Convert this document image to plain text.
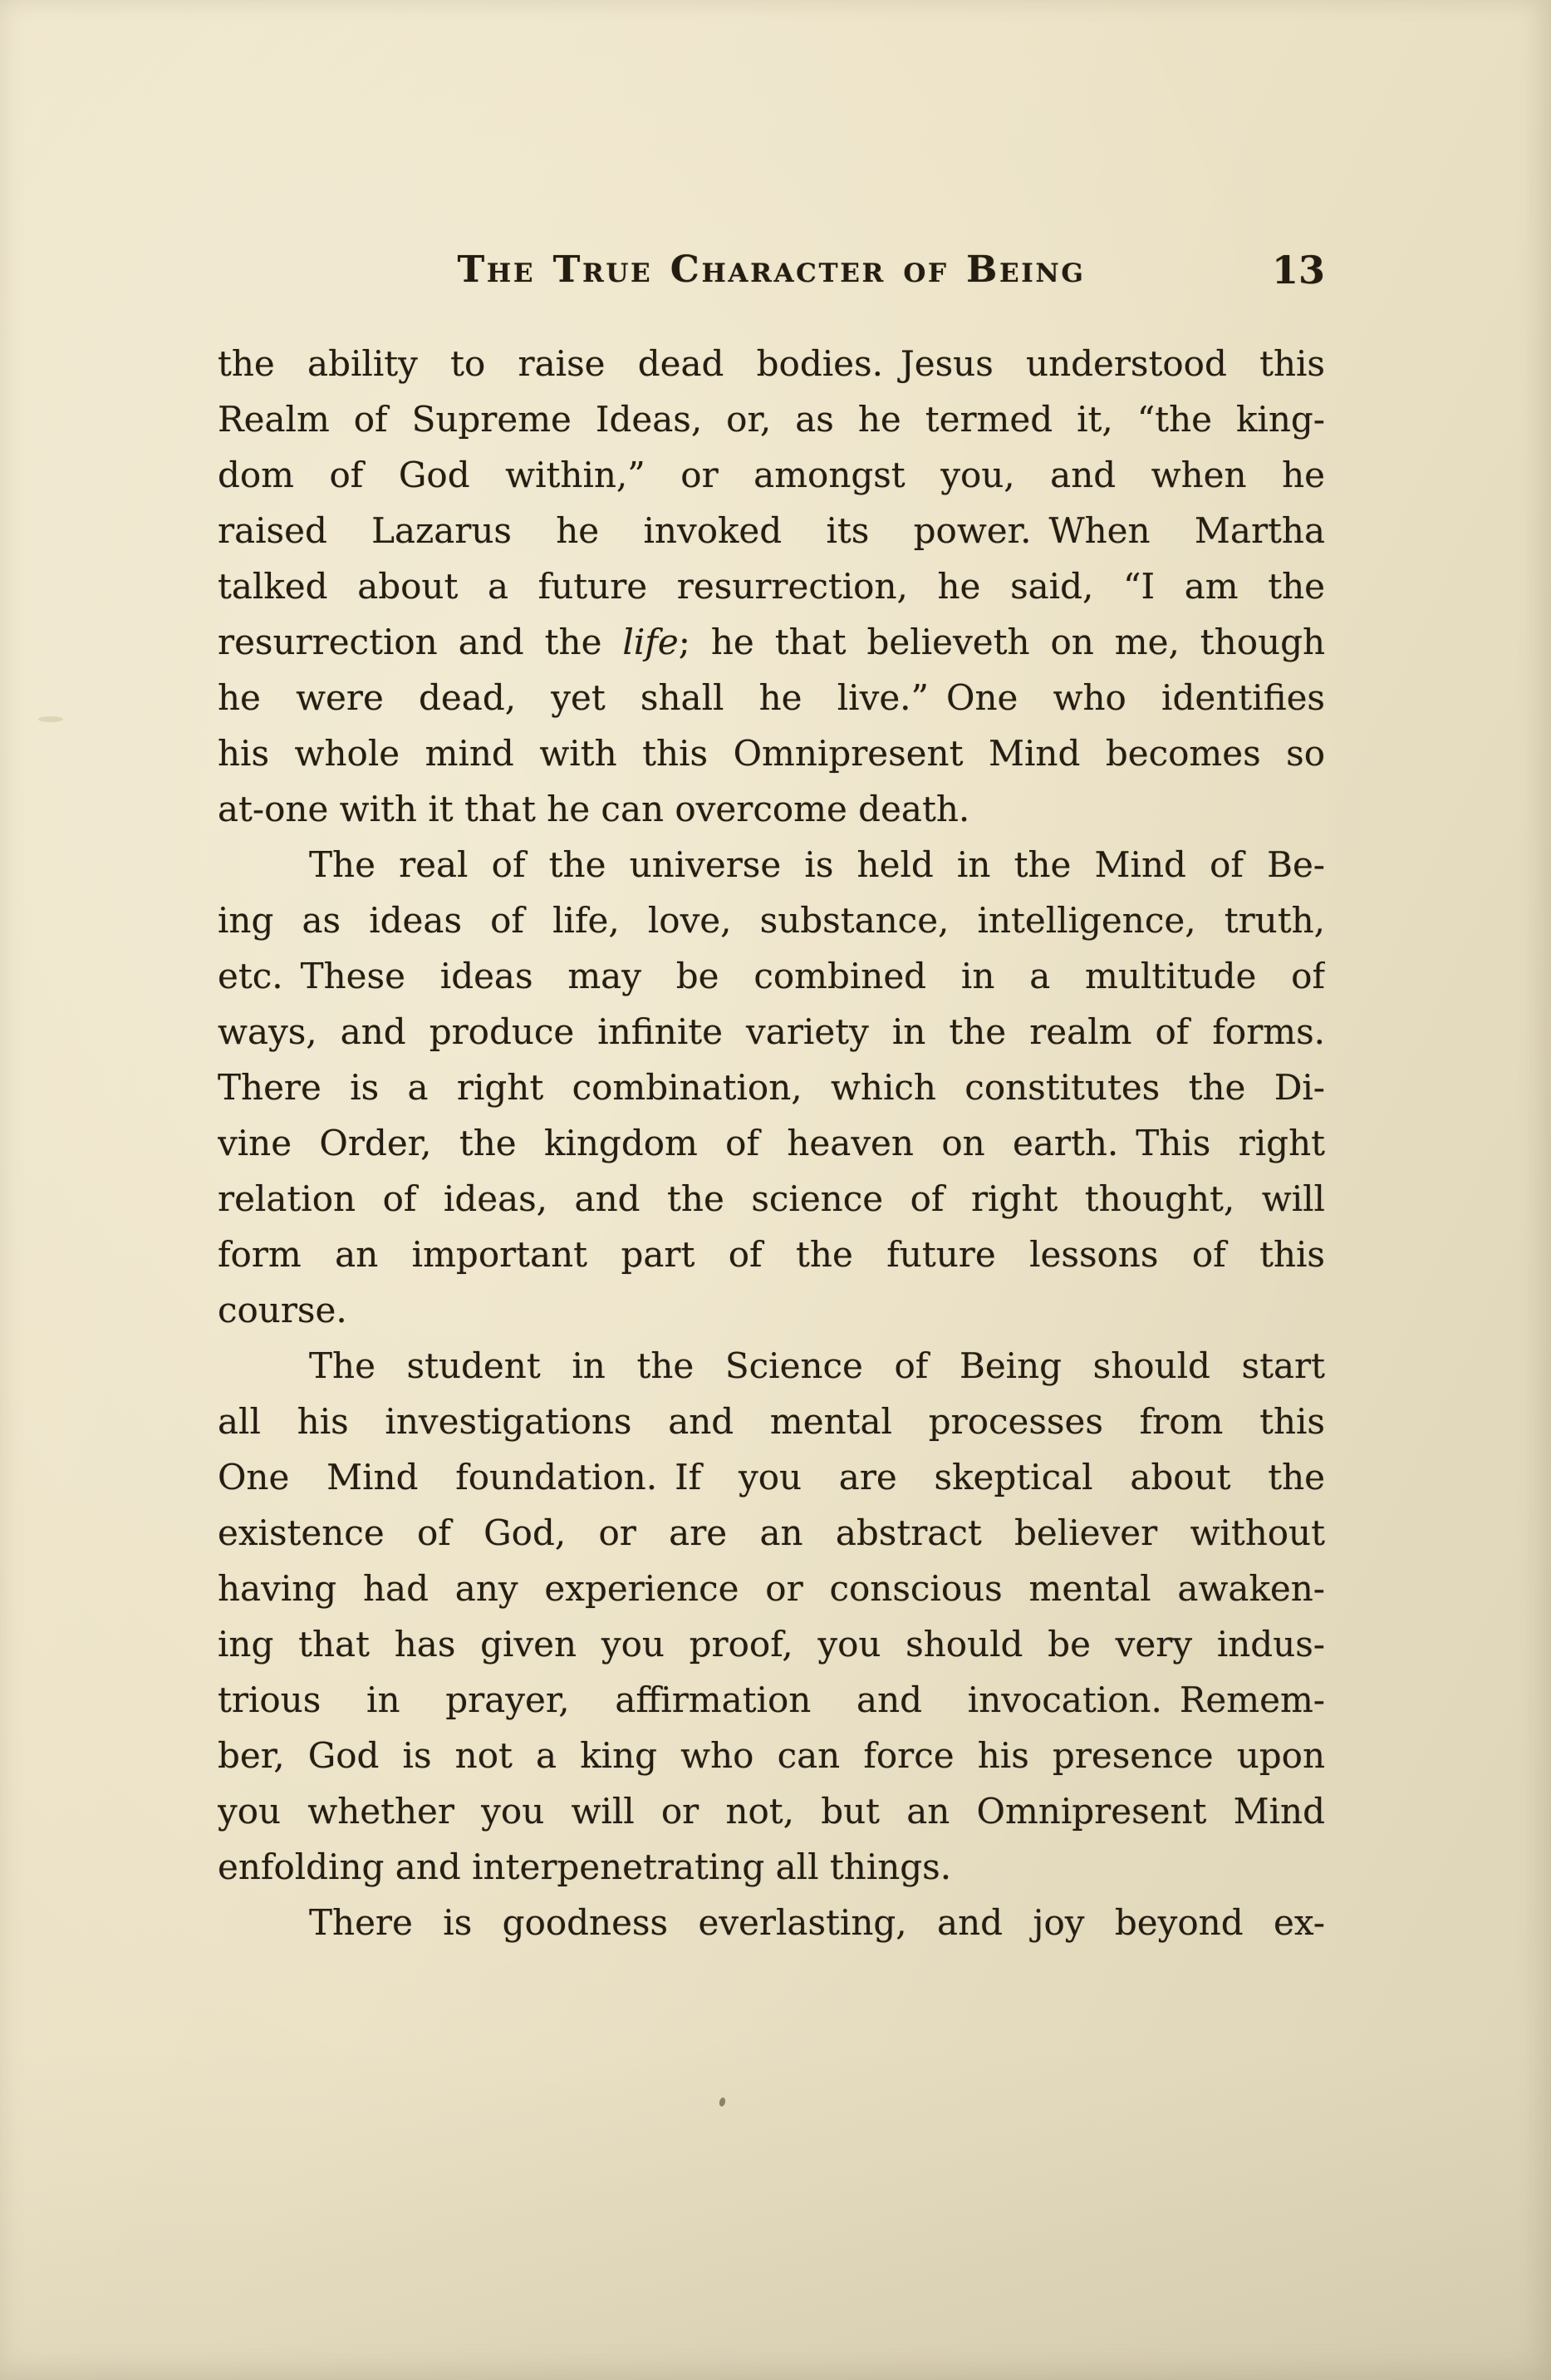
The True Character of Being	13
the ability to raise dead bodies. Jesus understood this
Realm of Supreme Ideas, or, as he termed it, “the king-
dom of God within,” or amongst you, and when he
raised Lazarus he invoked its power. When Martha
talked about a future resurrection, he said, “I am the
resurrection and the life; he that believeth on me, though
he were dead, yet shall he live.” One who identifies
his whole mind with this Omnipresent Mind becomes so
at-one with it that he can overcome death.
The real of the universe is held in the Mind of Be-
ing as ideas of life, love, substance, intelligence, truth,
etc. These ideas may be combined in a multitude of
ways, and produce infinite variety in the realm of forms.
There is a right combination, which constitutes the Di-
vine Order, the kingdom of heaven on earth. This right
relation of ideas, and the science of right thought, will
form an important part of the future lessons of this
course.
The student in the Science of Being should start
all his investigations and mental processes from this
One Mind foundation. If you are skeptical about the
existence of God, or are an abstract believer without
having had any experience or conscious mental awaken-
ing that has given you proof, you should be very indus-
trious in prayer, affirmation and invocation. Remem-
ber, God is not a king who can force his presence upon
you whether you will or not, but an Omnipresent Mind
enfolding and interpenetrating all things.
There is goodness everlasting, and joy beyond ex-
